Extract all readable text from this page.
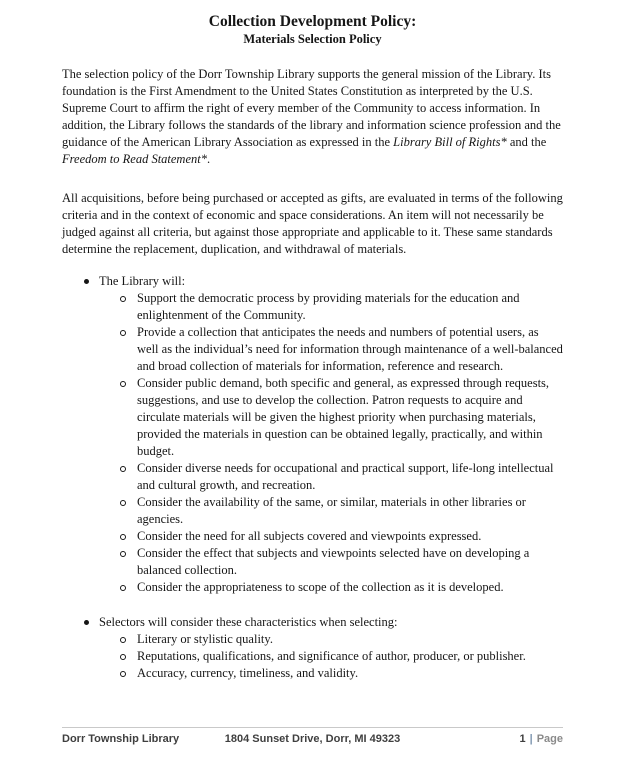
Collection Development Policy:
Materials Selection Policy

The selection policy of the Dorr Township Library supports the general mission of the Library. Its foundation is the First Amendment to the United States Constitution as interpreted by the U.S. Supreme Court to affirm the right of every member of the Community to access information. In addition, the Library follows the standards of the library and information science profession and the guidance of the American Library Association as expressed in the Library Bill of Rights* and the Freedom to Read Statement*.

All acquisitions, before being purchased or accepted as gifts, are evaluated in terms of the following criteria and in the context of economic and space considerations. An item will not necessarily be judged against all criteria, but against those appropriate and applicable to it. These same standards determine the replacement, duplication, and withdrawal of materials.

The Library will:
Support the democratic process by providing materials for the education and enlightenment of the Community.
Provide a collection that anticipates the needs and numbers of potential users, as well as the individual’s need for information through maintenance of a well-balanced and broad collection of materials for information, reference and research.
Consider public demand, both specific and general, as expressed through requests, suggestions, and use to develop the collection. Patron requests to acquire and circulate materials will be given the highest priority when purchasing materials, provided the materials in question can be obtained legally, practically, and within budget.
Consider diverse needs for occupational and practical support, life-long intellectual and cultural growth, and recreation.
Consider the availability of the same, or similar, materials in other libraries or agencies.
Consider the need for all subjects covered and viewpoints expressed.
Consider the effect that subjects and viewpoints selected have on developing a balanced collection.
Consider the appropriateness to scope of the collection as it is developed.
Selectors will consider these characteristics when selecting:
Literary or stylistic quality.
Reputations, qualifications, and significance of author, producer, or publisher.
Accuracy, currency, timeliness, and validity.
Dorr Township Library	1804 Sunset Drive, Dorr, MI 49323	1 | Page
